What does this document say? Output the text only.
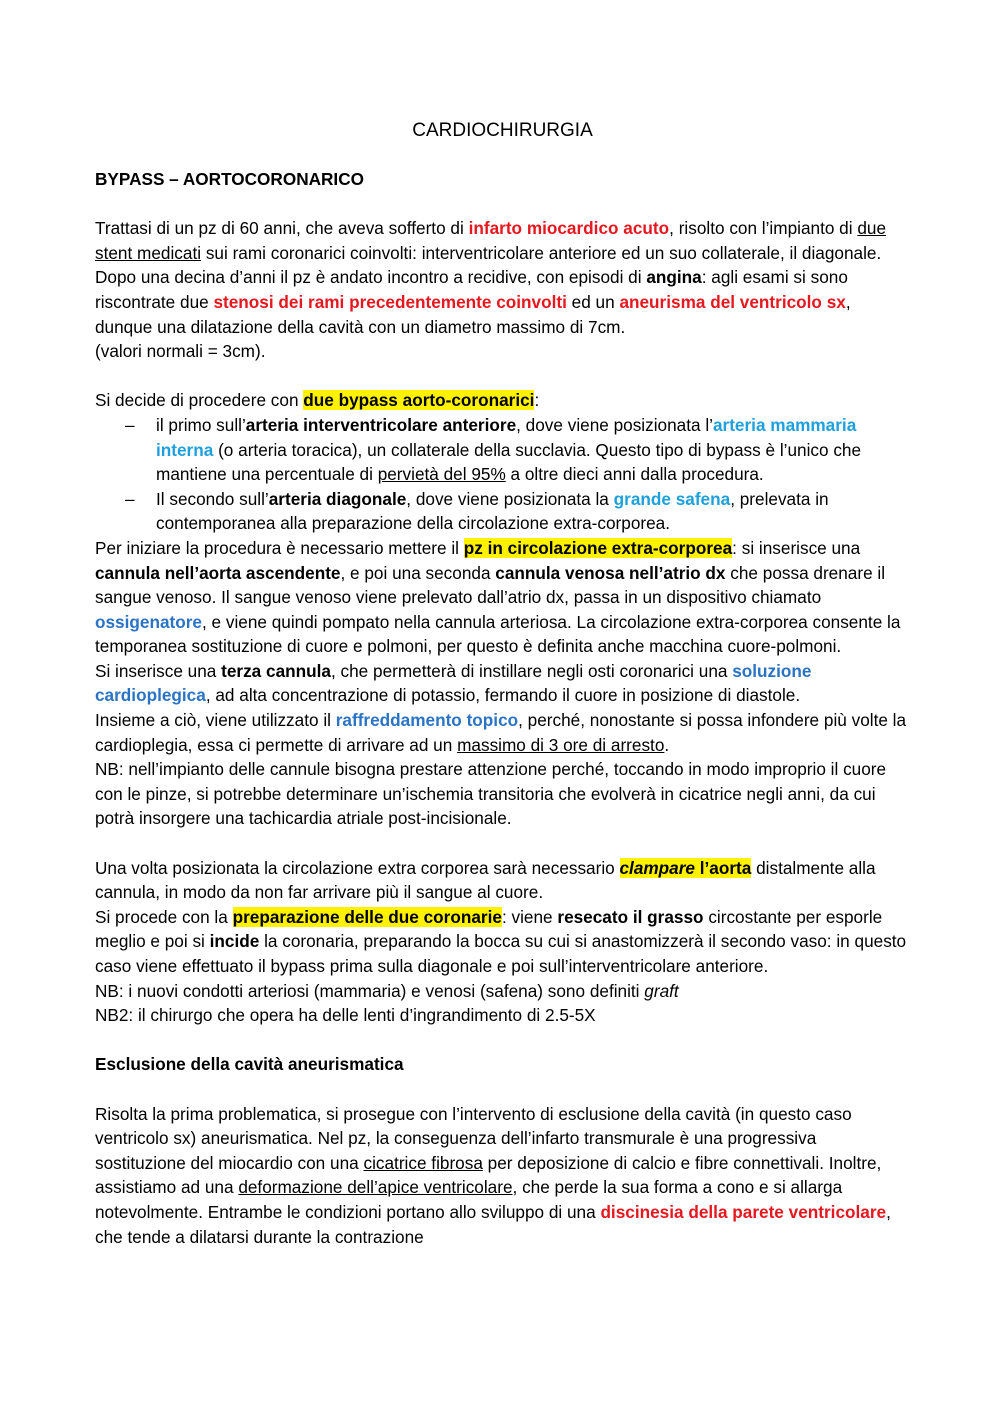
CARDIOCHIRURGIA
BYPASS – AORTOCORONARICO

Trattasi di un pz di 60 anni, che aveva sofferto di infarto miocardico acuto, risolto con l’impianto di due stent medicati sui rami coronarici coinvolti: interventricolare anteriore ed un suo collaterale, il diagonale. Dopo una decina d’anni il pz è andato incontro a recidive, con episodi di angina: agli esami si sono riscontrate due stenosi dei rami precedentemente coinvolti ed un aneurisma del ventricolo sx, dunque una dilatazione della cavità con un diametro massimo di 7cm.

(valori normali = 3cm).

Si decide di procedere con due bypass aorto-coronarici:

– il primo sull’arteria interventricolare anteriore, dove viene posizionata l’arteria mammaria interna (o arteria toracica), un collaterale della succlavia. Questo tipo di bypass è l’unico che mantiene una percentuale di pervietà del 95% a oltre dieci anni dalla procedura.
– Il secondo sull’arteria diagonale, dove viene posizionata la grande safena, prelevata in contemporanea alla preparazione della circolazione extra-corporea.

Per iniziare la procedura è necessario mettere il pz in circolazione extra-corporea: si inserisce una cannula nell’aorta ascendente, e poi una seconda cannula venosa nell’atrio dx che possa drenare il sangue venoso. Il sangue venoso viene prelevato dall’atrio dx, passa in un dispositivo chiamato ossigenatore, e viene quindi pompato nella cannula arteriosa. La circolazione extra-corporea consente la temporanea sostituzione di cuore e polmoni, per questo è definita anche macchina cuore-polmoni.

Si inserisce una terza cannula, che permetterà di instillare negli osti coronarici una soluzione cardioplegica, ad alta concentrazione di potassio, fermando il cuore in posizione di diastole.

Insieme a ciò, viene utilizzato il raffreddamento topico, perché, nonostante si possa infondere più volte la cardioplegia, essa ci permette di arrivare ad un massimo di 3 ore di arresto.

NB: nell’impianto delle cannule bisogna prestare attenzione perché, toccando in modo improprio il cuore con le pinze, si potrebbe determinare un’ischemia transitoria che evolverà in cicatrice negli anni, da cui potrà insorgere una tachicardia atriale post-incisionale.

Una volta posizionata la circolazione extra corporea sarà necessario clampare l’aorta distalmente alla cannula, in modo da non far arrivare più il sangue al cuore.

Si procede con la preparazione delle due coronarie: viene resecato il grasso circostante per esporle meglio e poi si incide la coronaria, preparando la bocca su cui si anastomizzerà il secondo vaso: in questo caso viene effettuato il bypass prima sulla diagonale e poi sull’interventricolare anteriore.

NB: i nuovi condotti arteriosi (mammaria) e venosi (safena) sono definiti graft

NB2: il chirurgo che opera ha delle lenti d’ingrandimento di 2.5-5X

Esclusione della cavità aneurismatica

Risolta la prima problematica, si prosegue con l’intervento di esclusione della cavità (in questo caso ventricolo sx) aneurismatica. Nel pz, la conseguenza dell’infarto transmurale è una progressiva sostituzione del miocardio con una cicatrice fibrosa per deposizione di calcio e fibre connettivali. Inoltre, assistiamo ad una deformazione dell’apice ventricolare, che perde la sua forma a cono e si allarga notevolmente. Entrambe le condizioni portano allo sviluppo di una discinesia della parete ventricolare, che tende a dilatarsi durante la contrazione
